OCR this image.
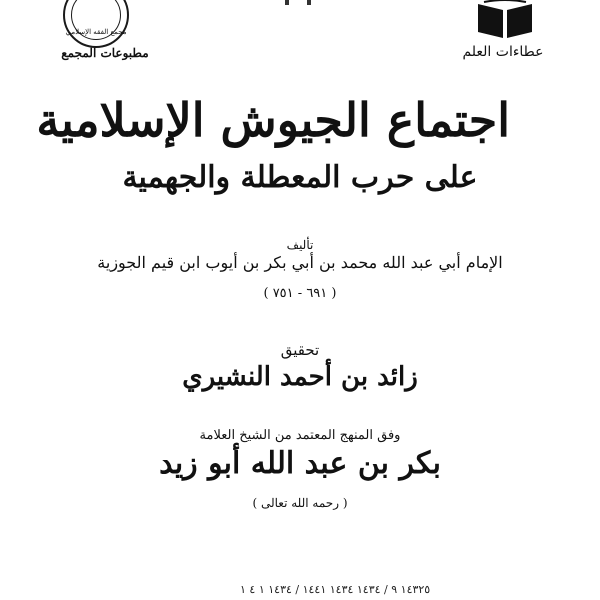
مجمع الفقه الإسلامي
مطبوعات المجمع	عطاءات العلم
اجتماع الجيوش الإسلامية
على حرب المعطلة والجهمية
تأليف
الإمام أبي عبد الله محمد بن أبي بكر بن أيوب ابن قيم الجوزية
( ٦٩١ - ٧٥١ )
تحقيق
زائد بن أحمد النشيري
وفق المنهج المعتمد من الشيخ العلامة
بكر بن عبد الله أبو زيد
( رحمه الله تعالى )
١٤٣٢٥ ٩ / ١٤٣٤ ١٤٣٤ ١٤٤١ / ١٤٣٤ ١ ٤ ١
